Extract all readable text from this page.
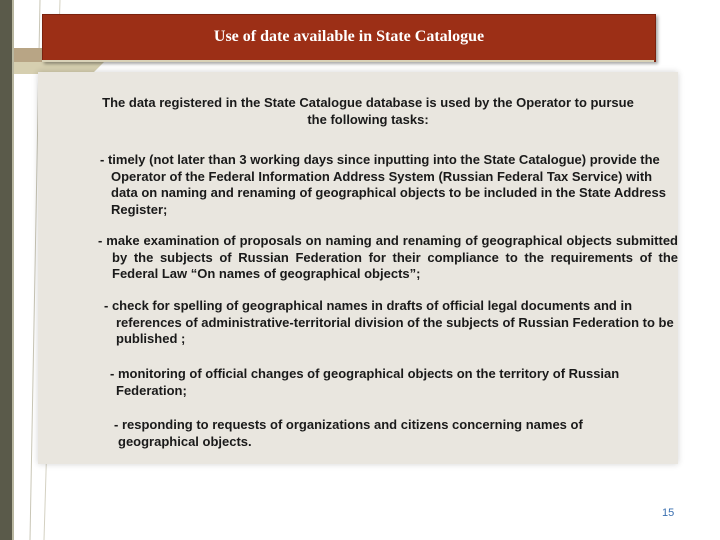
Use of date available in State Catalogue
The data registered in the State Catalogue database is used by the Operator to pursue the following tasks:
- timely (not later than 3 working days since inputting into the State Catalogue) provide the Operator of the Federal Information Address System (Russian Federal Tax Service) with data on naming and renaming of geographical objects to be included in the State Address Register;
- make examination of proposals on naming and renaming of geographical objects submitted by the subjects of Russian Federation for their compliance to the requirements of the Federal Law “On names of geographical objects”;
- check for spelling of geographical names in drafts of official legal documents and in references of administrative-territorial division of the subjects of Russian Federation to be published ;
- monitoring of official changes of geographical objects on the territory of Russian Federation;
- responding to requests of organizations and citizens concerning names of geographical objects.
15
